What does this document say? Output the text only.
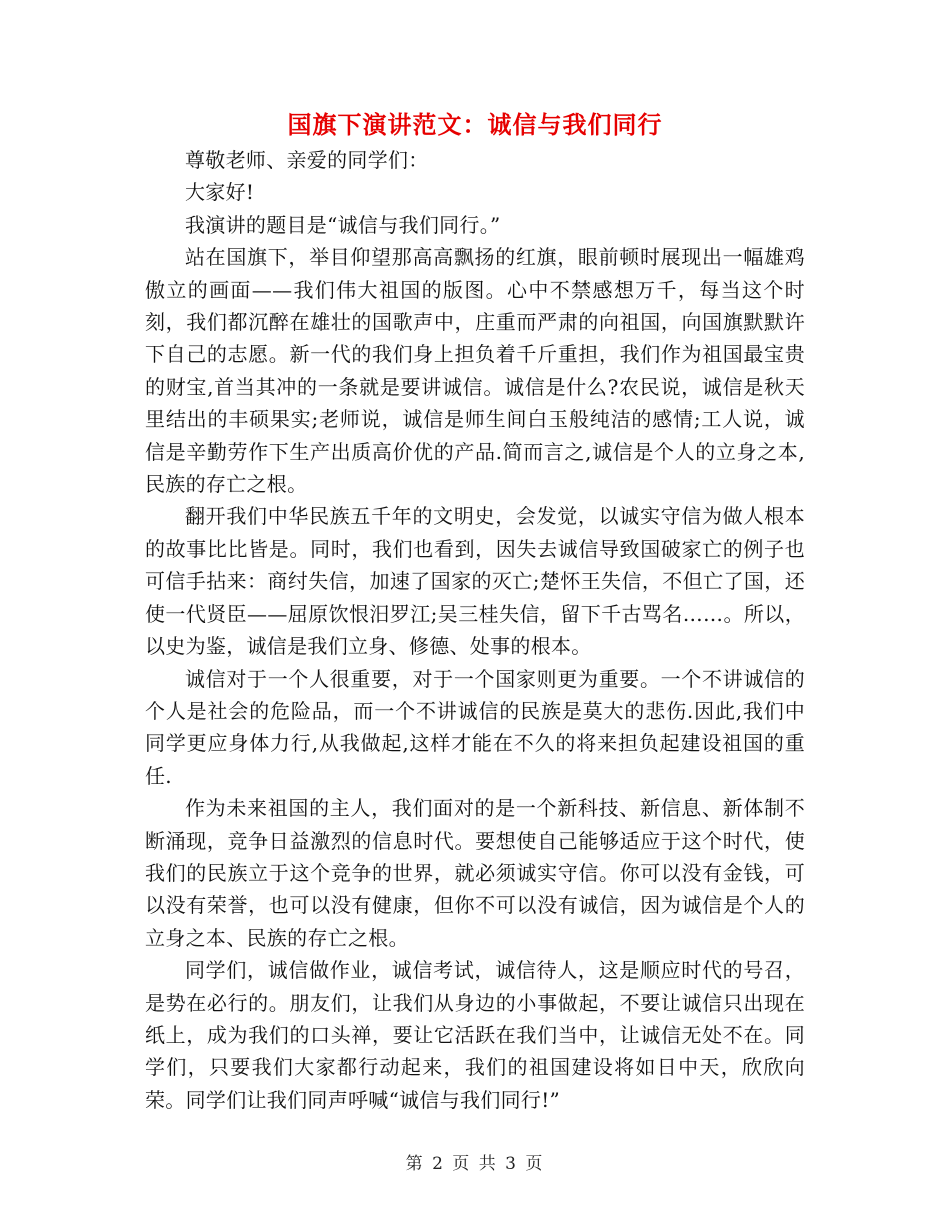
国旗下演讲范文：诚信与我们同行

尊敬老师、亲爱的同学们：

大家好!

我演讲的题目是“诚信与我们同行。”

站在国旗下，举目仰望那高高飘扬的红旗，眼前顿时展现出一幅雄鸡傲立的画面——我们伟大祖国的版图。心中不禁感想万千，每当这个时刻，我们都沉醉在雄壮的国歌声中，庄重而严肃的向祖国，向国旗默默许下自己的志愿。新一代的我们身上担负着千斤重担，我们作为祖国最宝贵的财宝,首当其冲的一条就是要讲诚信。诚信是什么?农民说，诚信是秋天里结出的丰硕果实;老师说，诚信是师生间白玉般纯洁的感情;工人说，诚信是辛勤劳作下生产出质高价优的产品.简而言之,诚信是个人的立身之本,民族的存亡之根。

翻开我们中华民族五千年的文明史，会发觉，以诚实守信为做人根本的故事比比皆是。同时，我们也看到，因失去诚信导致国破家亡的例子也可信手拈来：商纣失信，加速了国家的灭亡;楚怀王失信，不但亡了国，还使一代贤臣——屈原饮恨汨罗江;吴三桂失信，留下千古骂名……。所以，以史为鉴，诚信是我们立身、修德、处事的根本。

诚信对于一个人很重要，对于一个国家则更为重要。一个不讲诚信的个人是社会的危险品，而一个不讲诚信的民族是莫大的悲伤.因此,我们中同学更应身体力行,从我做起,这样才能在不久的将来担负起建设祖国的重任.

作为未来祖国的主人，我们面对的是一个新科技、新信息、新体制不断涌现，竞争日益激烈的信息时代。要想使自己能够适应于这个时代，使我们的民族立于这个竞争的世界，就必须诚实守信。你可以没有金钱，可以没有荣誉，也可以没有健康，但你不可以没有诚信，因为诚信是个人的立身之本、民族的存亡之根。

同学们，诚信做作业，诚信考试，诚信待人，这是顺应时代的号召，是势在必行的。朋友们，让我们从身边的小事做起，不要让诚信只出现在纸上，成为我们的口头禅，要让它活跃在我们当中，让诚信无处不在。同学们，只要我们大家都行动起来，我们的祖国建设将如日中天，欣欣向荣。同学们让我们同声呼喊“诚信与我们同行!”

第 2 页 共 3 页
